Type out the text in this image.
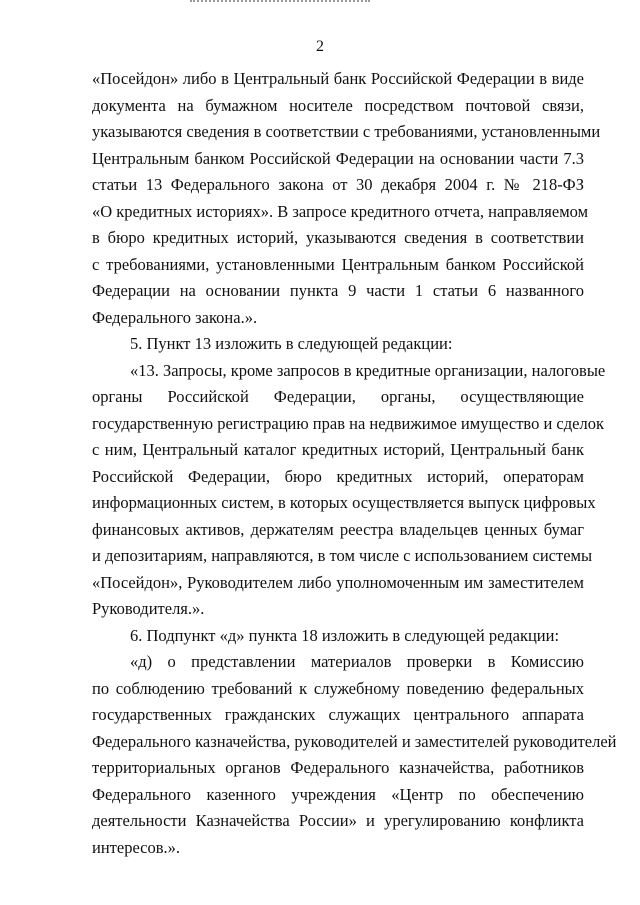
2
«Посейдон» либо в Центральный банк Российской Федерации в виде
документа на бумажном носителе посредством почтовой связи,
указываются сведения в соответствии с требованиями, установленными
Центральным банком Российской Федерации на основании части 7.3
статьи 13 Федерального закона от 30 декабря 2004 г. № 218-ФЗ
«О кредитных историях». В запросе кредитного отчета, направляемом
в бюро кредитных историй, указываются сведения в соответствии
с требованиями, установленными Центральным банком Российской
Федерации на основании пункта 9 части 1 статьи 6 названного
Федерального закона.».
5. Пункт 13 изложить в следующей редакции:
«13. Запросы, кроме запросов в кредитные организации, налоговые
органы Российской Федерации, органы, осуществляющие
государственную регистрацию прав на недвижимое имущество и сделок
с ним, Центральный каталог кредитных историй, Центральный банк
Российской Федерации, бюро кредитных историй, операторам
информационных систем, в которых осуществляется выпуск цифровых
финансовых активов, держателям реестра владельцев ценных бумаг
и депозитариям, направляются, в том числе с использованием системы
«Посейдон», Руководителем либо уполномоченным им заместителем
Руководителя.».
6. Подпункт «д» пункта 18 изложить в следующей редакции:
«д) о представлении материалов проверки в Комиссию
по соблюдению требований к служебному поведению федеральных
государственных гражданских служащих центрального аппарата
Федерального казначейства, руководителей и заместителей руководителей
территориальных органов Федерального казначейства, работников
Федерального казенного учреждения «Центр по обеспечению
деятельности Казначейства России» и урегулированию конфликта
интересов.».
